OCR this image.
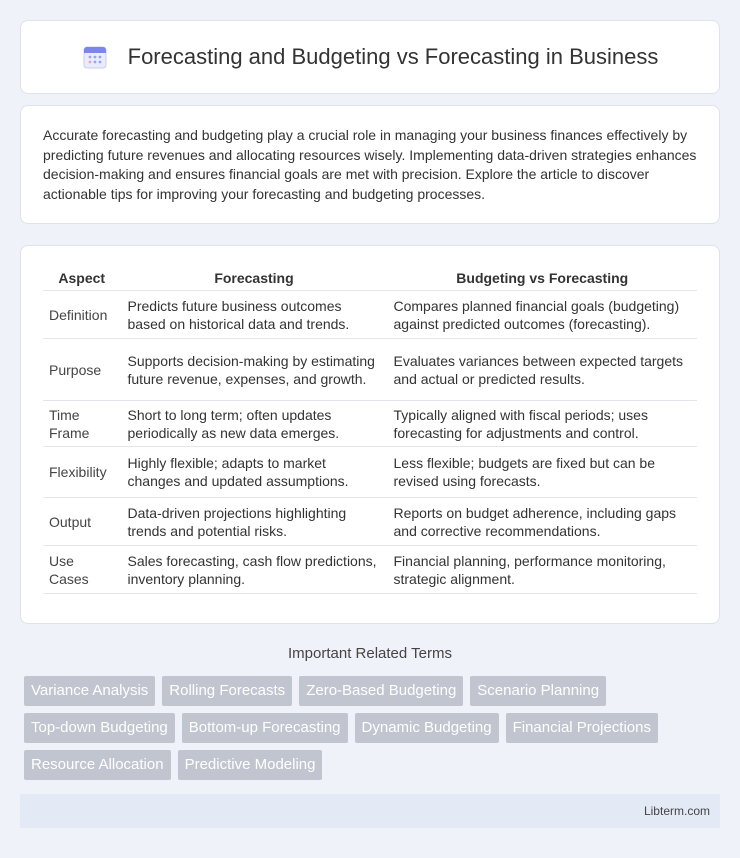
Forecasting and Budgeting vs Forecasting in Business

Accurate forecasting and budgeting play a crucial role in managing your business finances effectively by predicting future revenues and allocating resources wisely. Implementing data-driven strategies enhances decision-making and ensures financial goals are met with precision. Explore the article to discover actionable tips for improving your forecasting and budgeting processes.

Aspect	Forecasting	Budgeting vs Forecasting
Definition	Predicts future business outcomes based on historical data and trends.	Compares planned financial goals (budgeting) against predicted outcomes (forecasting).
Purpose	Supports decision-making by estimating future revenue, expenses, and growth.	Evaluates variances between expected targets and actual or predicted results.
Time Frame	Short to long term; often updates periodically as new data emerges.	Typically aligned with fiscal periods; uses forecasting for adjustments and control.
Flexibility	Highly flexible; adapts to market changes and updated assumptions.	Less flexible; budgets are fixed but can be revised using forecasts.
Output	Data-driven projections highlighting trends and potential risks.	Reports on budget adherence, including gaps and corrective recommendations.
Use Cases	Sales forecasting, cash flow predictions, inventory planning.	Financial planning, performance monitoring, strategic alignment.
Important Related Terms
Variance Analysis	Rolling Forecasts	Zero-Based Budgeting	Scenario Planning
Top-down Budgeting	Bottom-up Forecasting	Dynamic Budgeting	Financial Projections
Resource Allocation	Predictive Modeling
Libterm.com
